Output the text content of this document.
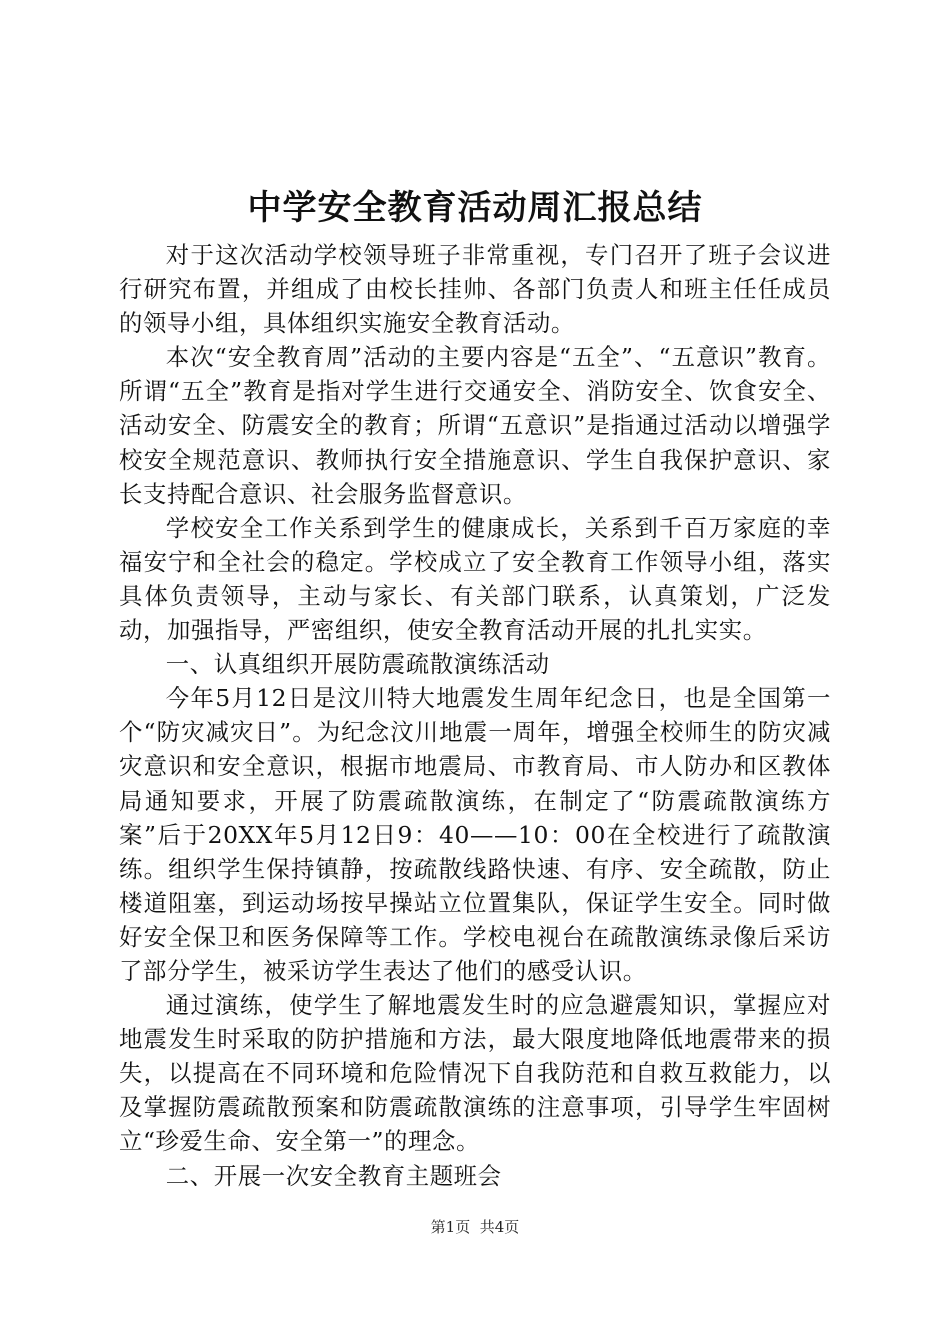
中学安全教育活动周汇报总结

对于这次活动学校领导班子非常重视，专门召开了班子会议进行研究布置，并组成了由校长挂帅、各部门负责人和班主任任成员的领导小组，具体组织实施安全教育活动。

本次“安全教育周”活动的主要内容是“五全”、“五意识”教育。所谓“五全”教育是指对学生进行交通安全、消防安全、饮食安全、活动安全、防震安全的教育；所谓“五意识”是指通过活动以增强学校安全规范意识、教师执行安全措施意识、学生自我保护意识、家长支持配合意识、社会服务监督意识。

学校安全工作关系到学生的健康成长，关系到千百万家庭的幸福安宁和全社会的稳定。学校成立了安全教育工作领导小组，落实具体负责领导，主动与家长、有关部门联系，认真策划，广泛发动，加强指导，严密组织，使安全教育活动开展的扎扎实实。

一、认真组织开展防震疏散演练活动

今年5月12日是汶川特大地震发生周年纪念日，也是全国第一个“防灾减灾日”。为纪念汶川地震一周年，增强全校师生的防灾减灾意识和安全意识，根据市地震局、市教育局、市人防办和区教体局通知要求，开展了防震疏散演练，在制定了“防震疏散演练方案”后于20XX年5月12日9：40——10：00在全校进行了疏散演练。组织学生保持镇静，按疏散线路快速、有序、安全疏散，防止楼道阻塞，到运动场按早操站立位置集队，保证学生安全。同时做好安全保卫和医务保障等工作。学校电视台在疏散演练录像后采访了部分学生，被采访学生表达了他们的感受认识。

通过演练，使学生了解地震发生时的应急避震知识，掌握应对地震发生时采取的防护措施和方法，最大限度地降低地震带来的损失，以提高在不同环境和危险情况下自我防范和自救互救能力，以及掌握防震疏散预案和防震疏散演练的注意事项，引导学生牢固树立“珍爱生命、安全第一”的理念。

二、开展一次安全教育主题班会

第1页 共4页
